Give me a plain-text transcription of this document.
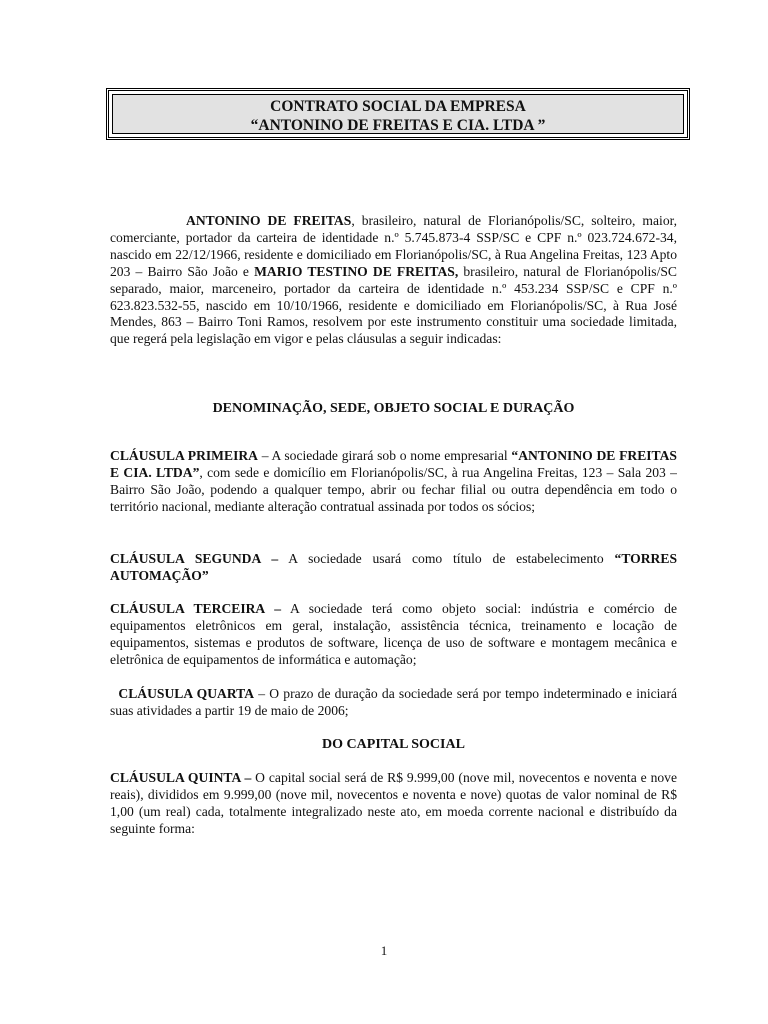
CONTRATO SOCIAL DA EMPRESA
“ANTONINO DE FREITAS E CIA. LTDA ”

ANTONINO DE FREITAS, brasileiro, natural de Florianópolis/SC, solteiro, maior, comerciante, portador da carteira de identidade n.º 5.745.873-4 SSP/SC e CPF n.º 023.724.672-34, nascido em 22/12/1966, residente e domiciliado em Florianópolis/SC, à Rua Angelina Freitas, 123 Apto 203 – Bairro São João e MARIO TESTINO DE FREITAS, brasileiro, natural de Florianópolis/SC separado, maior, marceneiro, portador da carteira de identidade n.º 453.234 SSP/SC e CPF n.º 623.823.532-55, nascido em 10/10/1966, residente e domiciliado em Florianópolis/SC, à Rua José Mendes, 863 – Bairro Toni Ramos, resolvem por este instrumento constituir uma sociedade limitada, que regerá pela legislação em vigor e pelas cláusulas a seguir indicadas:

DENOMINAÇÃO, SEDE, OBJETO SOCIAL E DURAÇÃO

CLÁUSULA PRIMEIRA – A sociedade girará sob o nome empresarial “ANTONINO DE FREITAS E CIA. LTDA”, com sede e domicílio em Florianópolis/SC, à rua Angelina Freitas, 123 – Sala 203 – Bairro São João, podendo a qualquer tempo, abrir ou fechar filial ou outra dependência em todo o território nacional, mediante alteração contratual assinada por todos os sócios;

CLÁUSULA SEGUNDA – A sociedade usará como título de estabelecimento “TORRES AUTOMAÇÃO”

CLÁUSULA TERCEIRA – A sociedade terá como objeto social: indústria e comércio de equipamentos eletrônicos em geral, instalação, assistência técnica, treinamento e locação de equipamentos, sistemas e produtos de software, licença de uso de software e montagem mecânica e eletrônica de equipamentos de informática e automação;

CLÁUSULA QUARTA – O prazo de duração da sociedade será por tempo indeterminado e iniciará suas atividades a partir 19 de maio de 2006;

DO CAPITAL SOCIAL

CLÁUSULA QUINTA – O capital social será de R$ 9.999,00 (nove mil, novecentos e noventa e nove reais), divididos em 9.999,00 (nove mil, novecentos e noventa e nove) quotas de valor nominal de R$ 1,00 (um real) cada, totalmente integralizado neste ato, em moeda corrente nacional e distribuído da seguinte forma:

1
